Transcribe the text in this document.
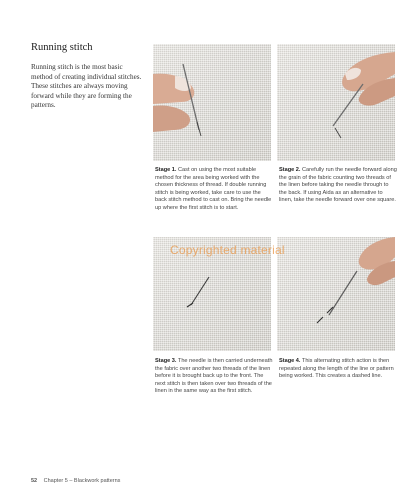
Running stitch
Running stitch is the most basic method of creating individual stitches. These stitches are always moving forward while they are forming the patterns.
Stage 1. Cast on using the most suitable method for the area being worked with the chosen thickness of thread. If double running stitch is being worked, take care to use the back stitch method to cast on. Bring the needle up where the first stitch is to start.
Stage 2. Carefully run the needle forward along the grain of the fabric counting two threads of the linen before taking the needle through to the back. If using Aida as an alternative to linen, take the needle forward over one square.
Stage 3. The needle is then carried underneath the fabric over another two threads of the linen before it is brought back up to the front. The next stitch is then taken over two threads of the linen in the same way as the first stitch.
Stage 4. This alternating stitch action is then repeated along the length of the line or pattern being worked. This creates a dashed line.
Copyrighted material
52 Chapter 5 – Blackwork patterns
